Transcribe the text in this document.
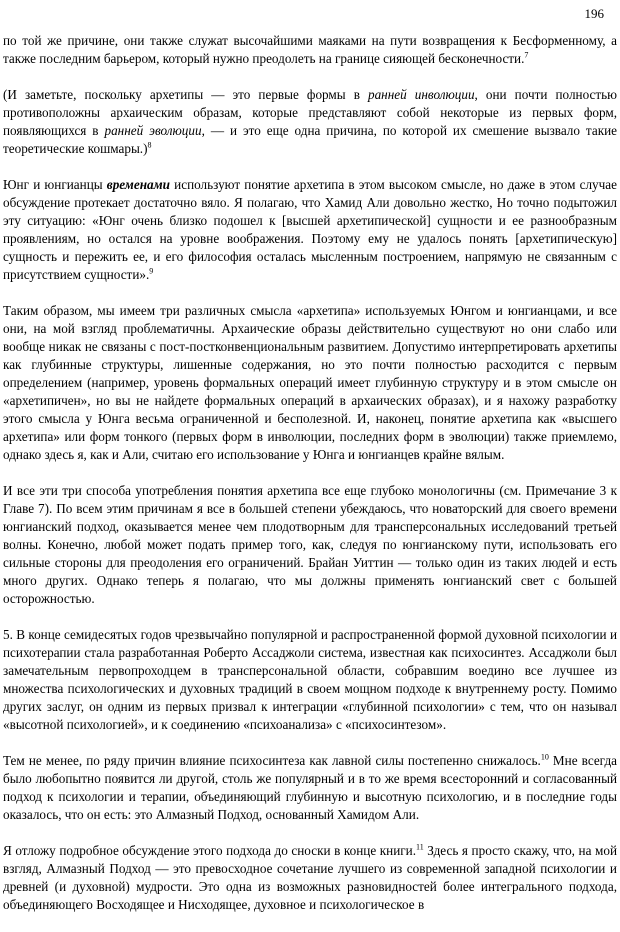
196

по той же причине, они также служат высочайшими маяками на пути возвращения к Бесформенному, а также последним барьером, который нужно преодолеть на границе сияющей бесконечности.$^7$

(И заметьте, поскольку архетипы — это первые формы в ранней инволюции, они почти полностью противоположны архаическим образам, которые представляют собой некоторые из первых форм, появляющихся в ранней эволюции, — и это еще одна причина, по которой их смешение вызвало такие теоретические кошмары.)$^8$

Юнг и юнгианцы временами используют понятие архетипа в этом высоком смысле, но даже в этом случае обсуждение протекает достаточно вяло. Я полагаю, что Хамид Али довольно жестко, Но точно подытожил эту ситуацию: «Юнг очень близко подошел к [высшей архетипической] сущности и ее разнообразным проявлениям, но остался на уровне воображения. Поэтому ему не удалось понять [архетипическую] сущность и пережить ее, и его философия осталась мысленным построением, напрямую не связанным с присутствием сущности».$^9$

Таким образом, мы имеем три различных смысла «архетипа» используемых Юнгом и юнгианцами, и все они, на мой взгляд проблематичны. Архаические образы действительно существуют но они слабо или вообще никак не связаны с пост-постконвенциональным развитием. Допустимо интерпретировать архетипы как глубинные структуры, лишенные содержания, но это почти полностью расходится с первым определением (например, уровень формальных операций имеет глубинную структуру и в этом смысле он «архетипичен», но вы не найдете формальных операций в архаических образах), и я нахожу разработку этого смысла у Юнга весьма ограниченной и бесполезной. И, наконец, понятие архетипа как «высшего архетипа» или форм тонкого (первых форм в инволюции, последних форм в эволюции) также приемлемо, однако здесь я, как и Али, считаю его использование у Юнга и юнгианцев крайне вялым.

И все эти три способа употребления понятия архетипа все еще глубоко монологичны (см. Примечание 3 к Главе 7). По всем этим причинам я все в большей степени убеждаюсь, что новаторский для своего времени юнгианский подход, оказывается менее чем плодотворным для трансперсональных исследований третьей волны. Конечно, любой может подать пример того, как, следуя по юнгианскому пути, использовать его сильные стороны для преодоления его ограничений. Брайан Уиттин — только один из таких людей и есть много других. Однако теперь я полагаю, что мы должны применять юнгианский свет с большей осторожностью.

5. В конце семидесятых годов чрезвычайно популярной и распространенной формой духовной психологии и психотерапии стала разработанная Роберто Ассаджоли система, известная как психосинтез. Ассаджоли был замечательным первопроходцем в трансперсональной области, собравшим воедино все лучшее из множества психологических и духовных традиций в своем мощном подходе к внутреннему росту. Помимо других заслуг, он одним из первых призвал к интеграции «глубинной психологии» с тем, что он называл «высотной психологией», и к соединению «психоанализа» с «психосинтезом».

Тем не менее, по ряду причин влияние психосинтеза как лавной силы постепенно снижалось.$^{10}$ Мне всегда было любопытно появится ли другой, столь же популярный и в то же время всесторонний и согласованный подход к психологии и терапии, объединяющий глубинную и высотную психологию, и в последние годы оказалось, что он есть: это Алмазный Подход, основанный Хамидом Али.

Я отложу подробное обсуждение этого подхода до сноски в конце книги.$^{11}$ Здесь я просто скажу, что, на мой взгляд, Алмазный Подход — это превосходное сочетание лучшего из современной западной психологии и древней (и духовной) мудрости. Это одна из возможных разновидностей более интегрального подхода, объединяющего Восходящее и Нисходящее, духовное и психологическое в
